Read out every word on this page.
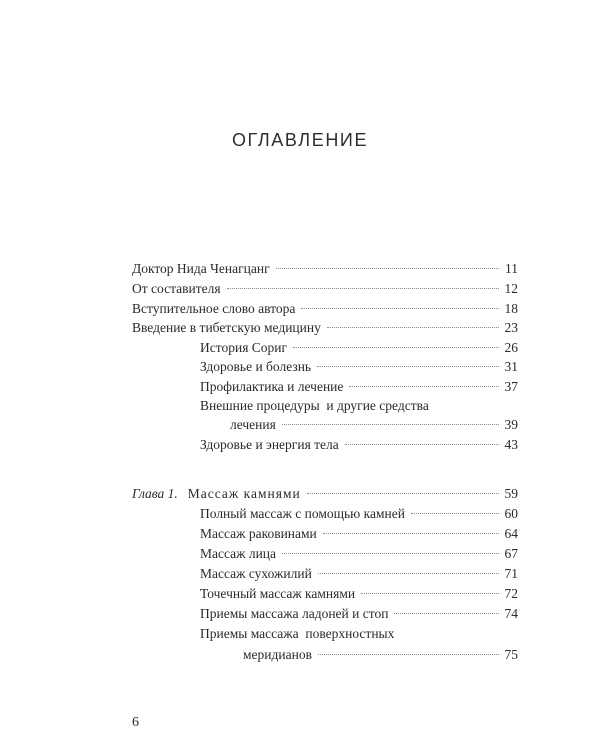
ОГЛАВЛЕНИЕ
Доктор Нида Ченагцанг	11
От составителя	12
Вступительное слово автора	18
Введение в тибетскую медицину	23
История Сориг	26
Здоровье и болезнь	31
Профилактика и лечение	37
Внешние процедуры  и другие средства
лечения	39
Здоровье и энергия тела	43
Глава 1. Массаж камнями	59
Полный массаж с помощью камней	60
Массаж раковинами	64
Массаж лица	67
Массаж сухожилий	71
Точечный массаж камнями	72
Приемы массажа ладоней и стоп	74
Приемы массажа  поверхностных
меридианов	75
6
